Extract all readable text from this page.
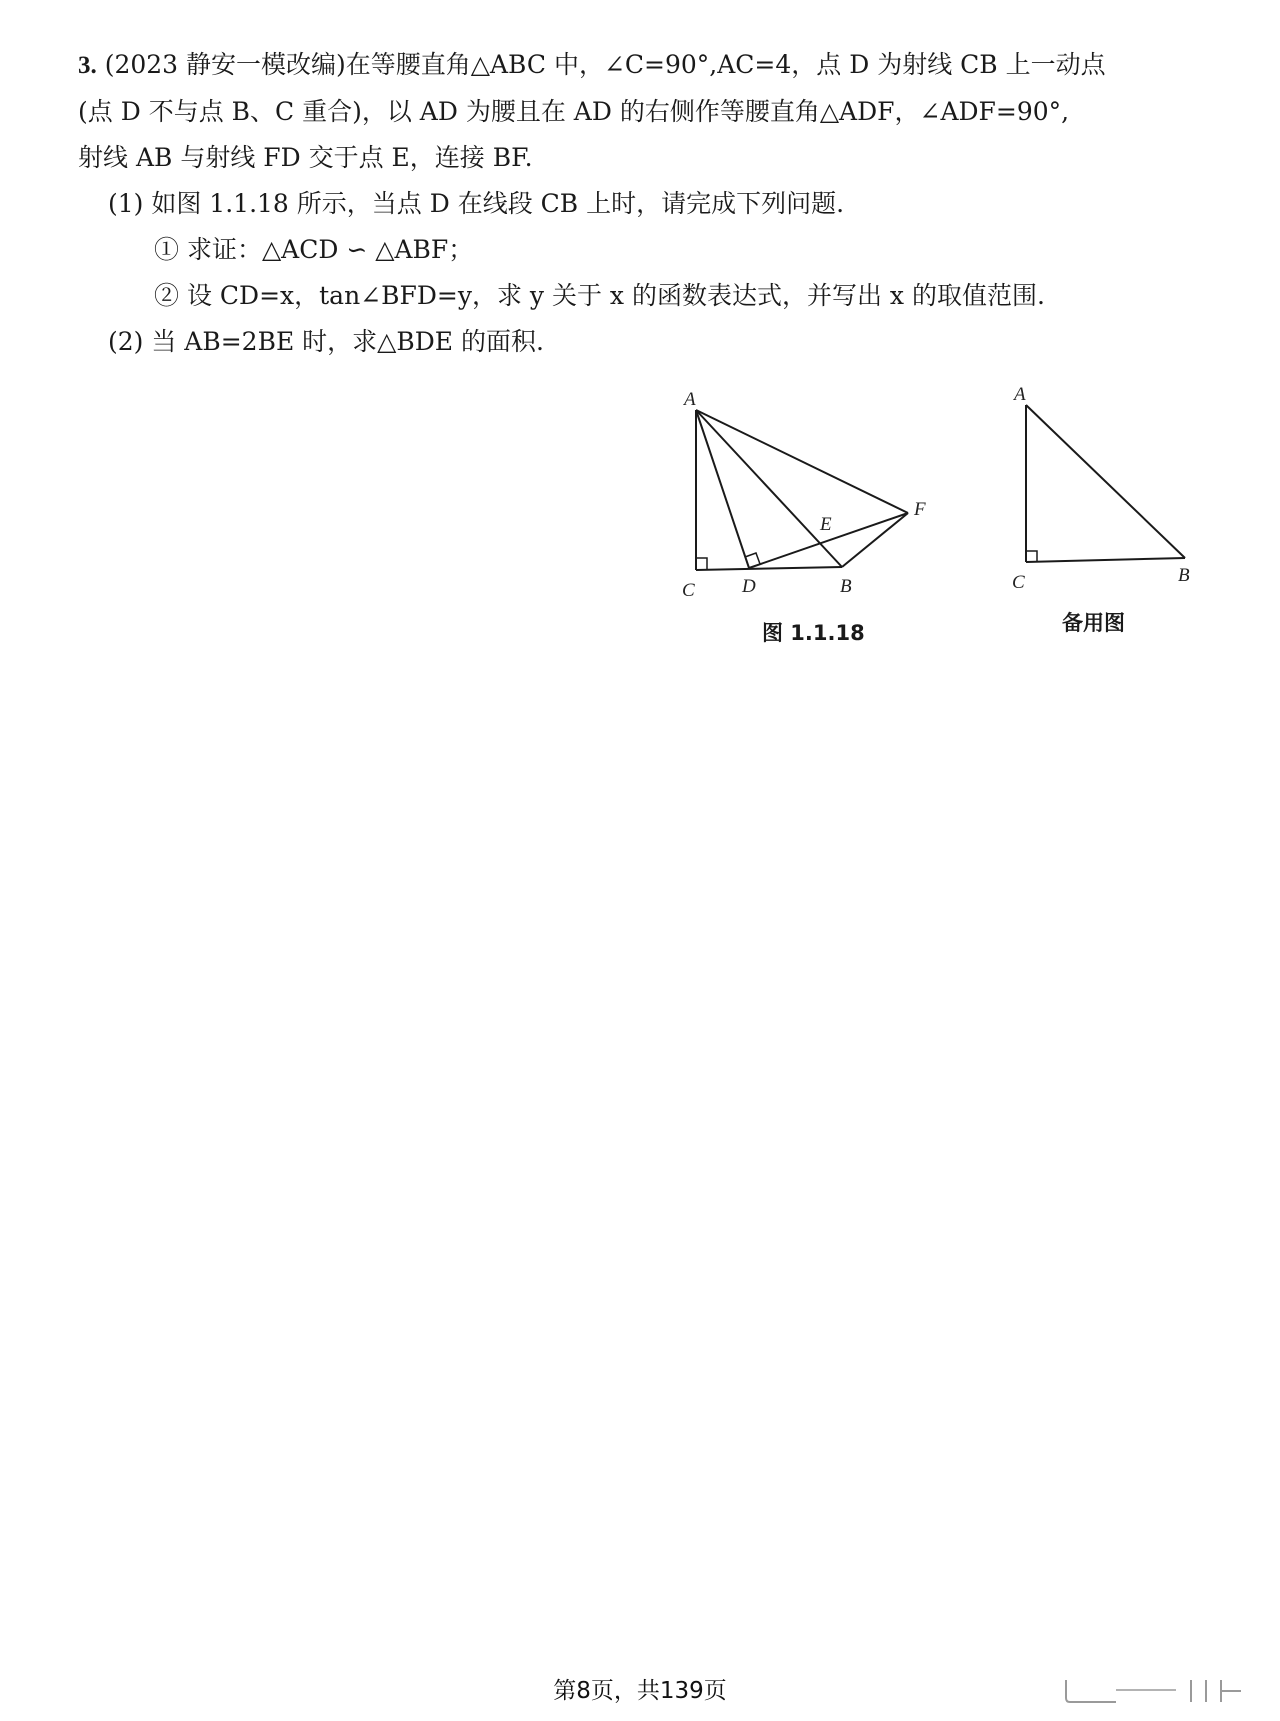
3. (2023 静安一模改编)在等腰直角△ABC 中，∠C=90°,AC=4，点 D 为射线 CB 上一动点
(点 D 不与点 B、C 重合)，以 AD 为腰且在 AD 的右侧作等腰直角△ADF，∠ADF=90°,
射线 AB 与射线 FD 交于点 E，连接 BF.
(1) 如图 1.1.18 所示，当点 D 在线段 CB 上时，请完成下列问题.
① 求证：△ACD ∽ △ABF；
② 设 CD=x，tan∠BFD=y，求 y 关于 x 的函数表达式，并写出 x 的取值范围.
(2) 当 AB=2BE 时，求△BDE 的面积.
A
C D	B
E
F
图 1.1.18
A
C	B
备用图
第8页，共139页
